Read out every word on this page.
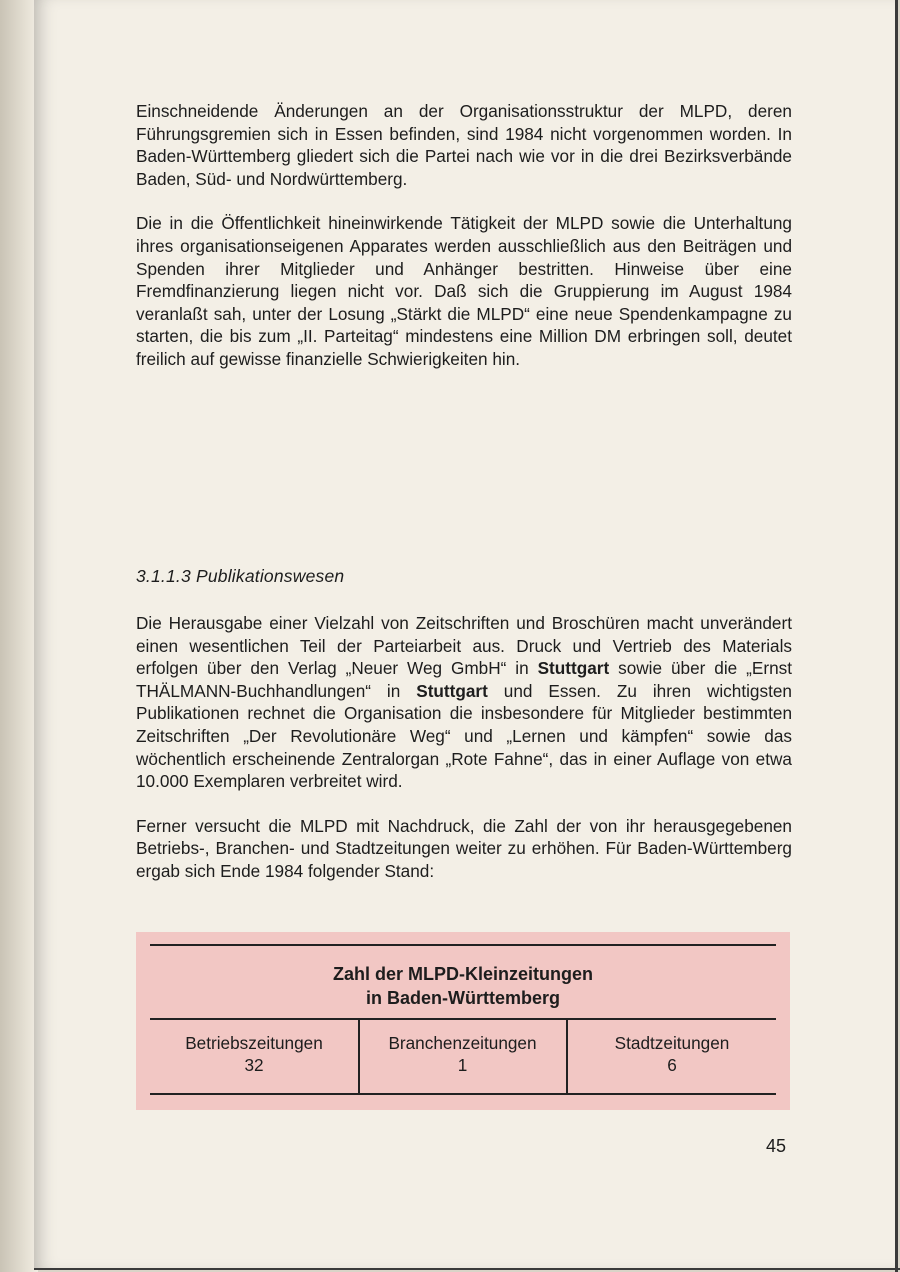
Einschneidende Änderungen an der Organisationsstruktur der MLPD, deren Führungsgremien sich in Essen befinden, sind 1984 nicht vorgenommen worden. In Baden-Württemberg gliedert sich die Partei nach wie vor in die drei Bezirksverbände Baden, Süd- und Nordwürttemberg.

Die in die Öffentlichkeit hineinwirkende Tätigkeit der MLPD sowie die Unterhaltung ihres organisationseigenen Apparates werden ausschließlich aus den Beiträgen und Spenden ihrer Mitglieder und Anhänger bestritten. Hinweise über eine Fremdfinanzierung liegen nicht vor. Daß sich die Gruppierung im August 1984 veranlaßt sah, unter der Losung „Stärkt die MLPD“ eine neue Spendenkampagne zu starten, die bis zum „II. Parteitag“ mindestens eine Million DM erbringen soll, deutet freilich auf gewisse finanzielle Schwierigkeiten hin.

3.1.1.3 Publikationswesen

Die Herausgabe einer Vielzahl von Zeitschriften und Broschüren macht unverändert einen wesentlichen Teil der Parteiarbeit aus. Druck und Vertrieb des Materials erfolgen über den Verlag „Neuer Weg GmbH“ in Stuttgart sowie über die „Ernst THÄLMANN-Buchhandlungen“ in Stuttgart und Essen. Zu ihren wichtigsten Publikationen rechnet die Organisation die insbesondere für Mitglieder bestimmten Zeitschriften „Der Revolutionäre Weg“ und „Lernen und kämpfen“ sowie das wöchentlich erscheinende Zentralorgan „Rote Fahne“, das in einer Auflage von etwa 10.000 Exemplaren verbreitet wird.

Ferner versucht die MLPD mit Nachdruck, die Zahl der von ihr herausgegebenen Betriebs-, Branchen- und Stadtzeitungen weiter zu erhöhen. Für Baden-Württemberg ergab sich Ende 1984 folgender Stand:

Zahl der MLPD-Kleinzeitungen
in Baden-Württemberg
Betriebszeitungen
32
Branchenzeitungen
1
Stadtzeitungen
6
45
